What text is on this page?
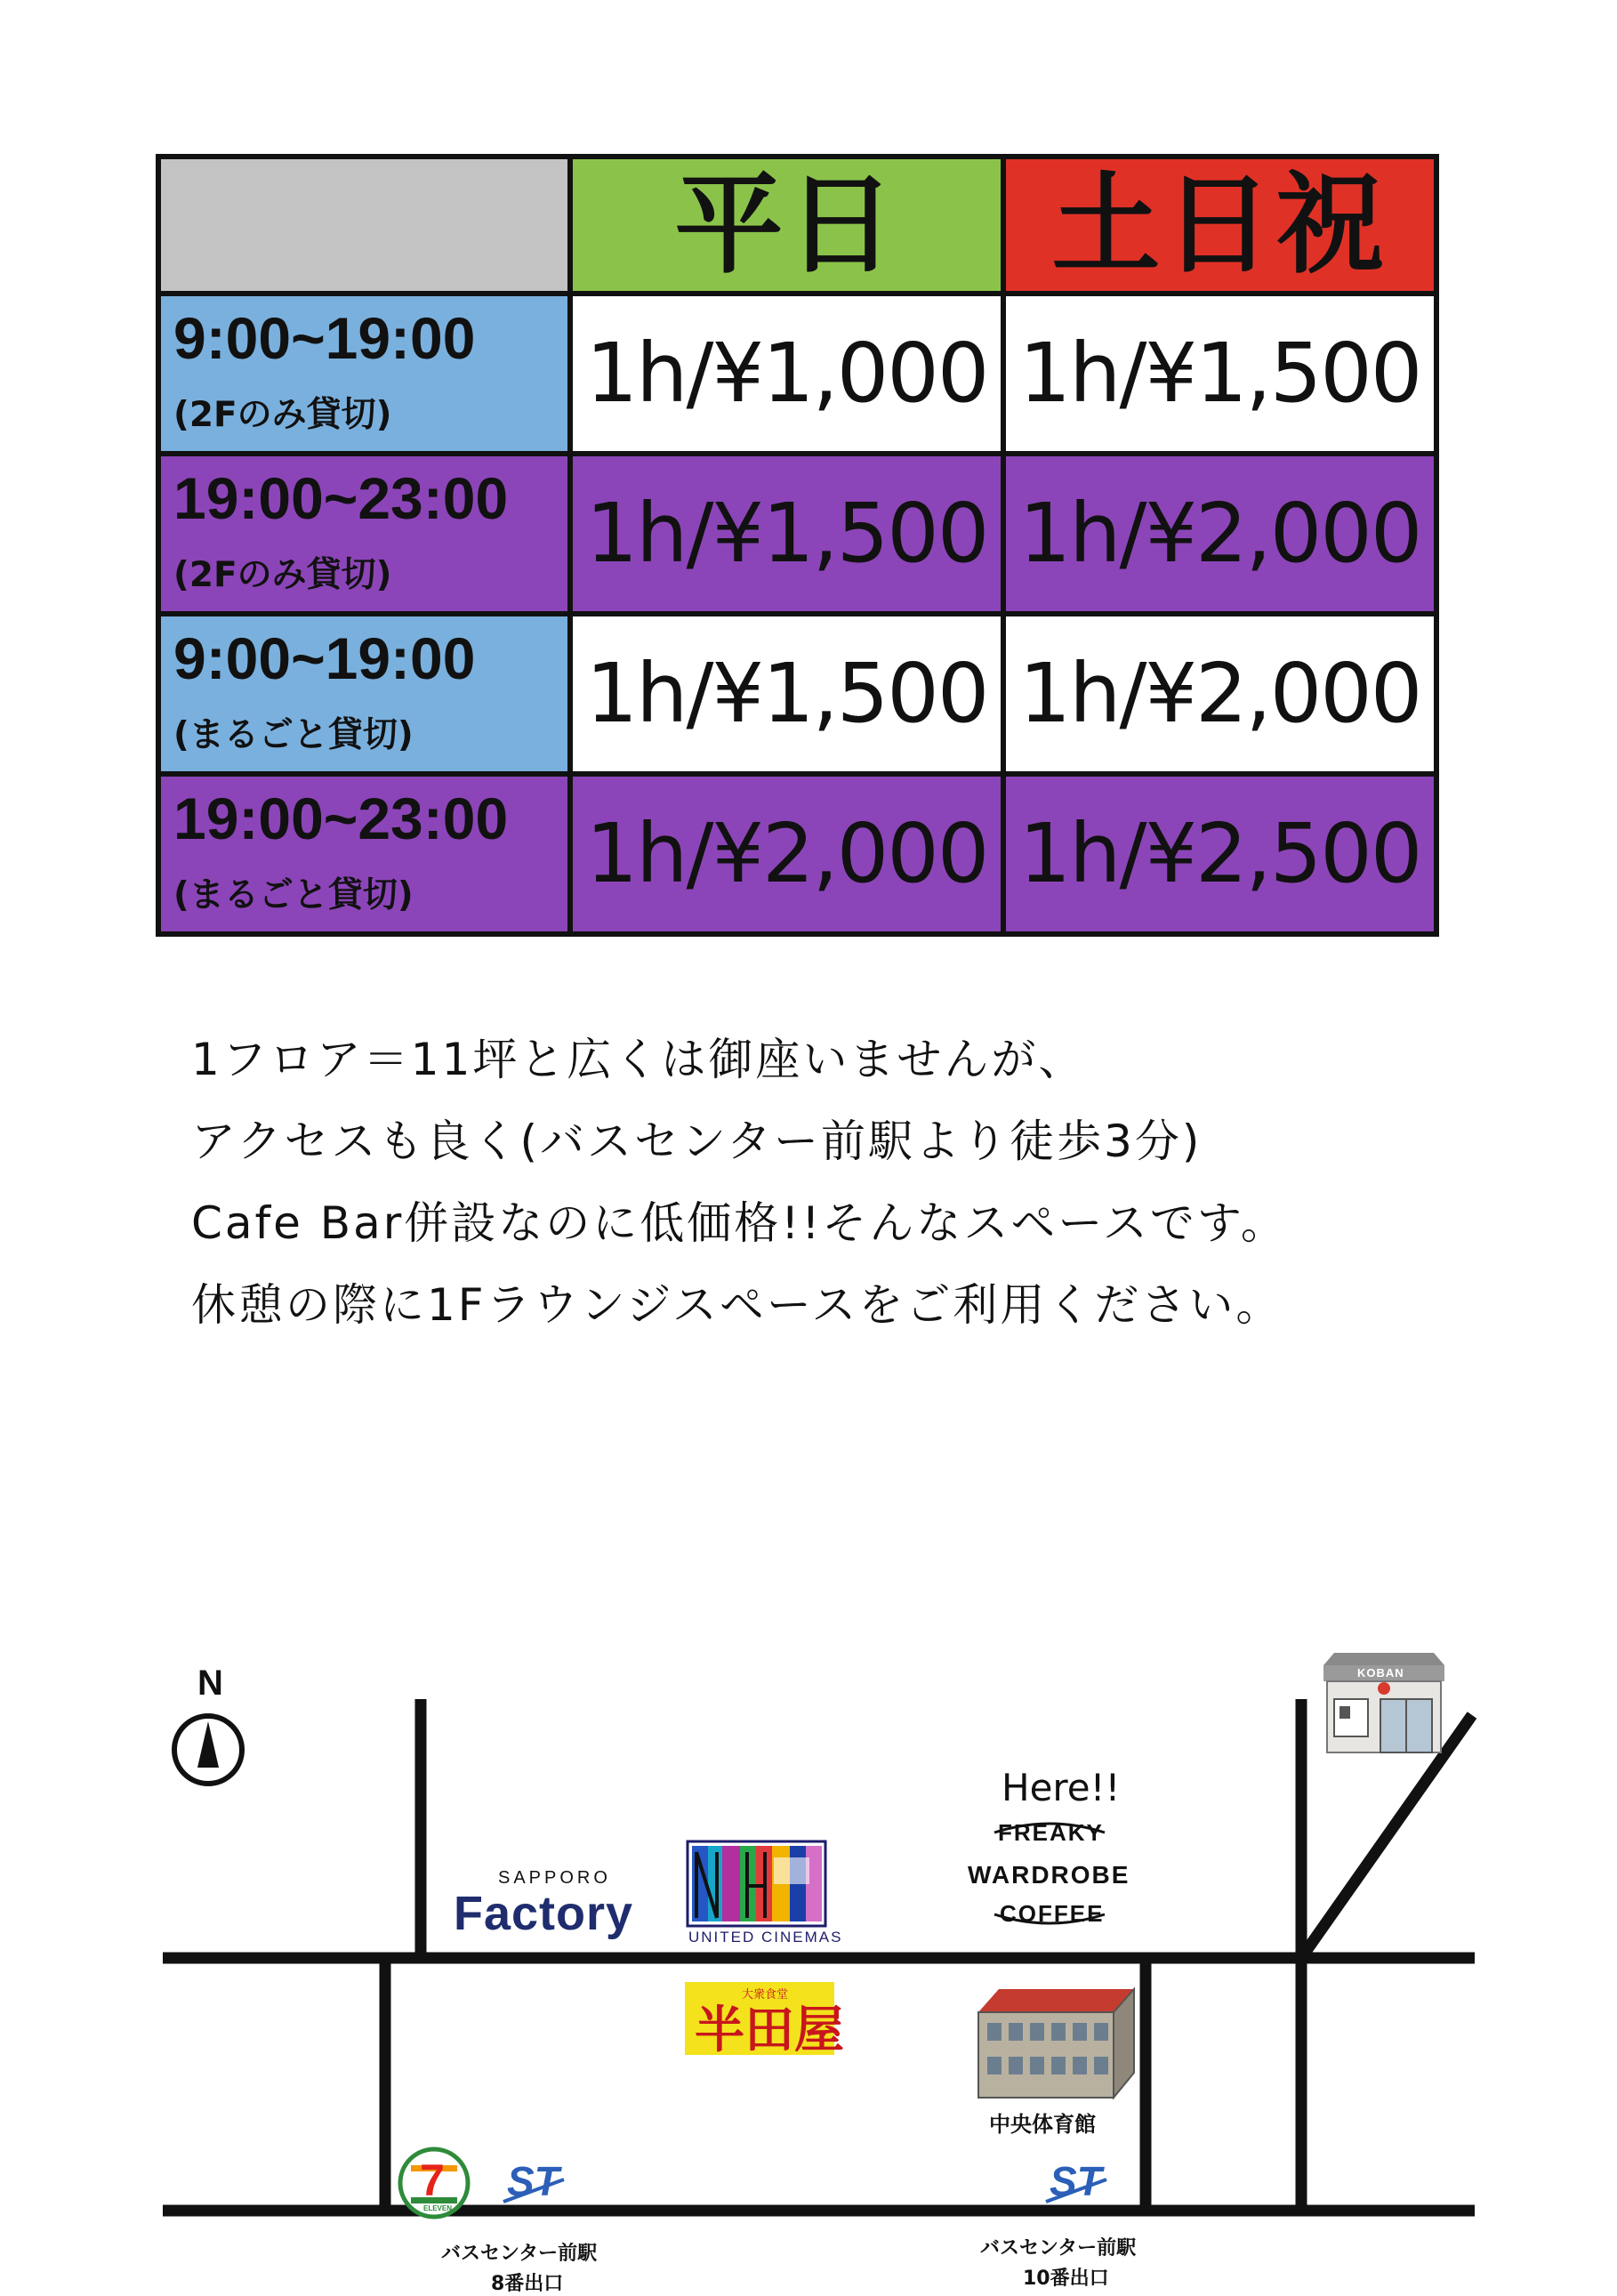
	平日	土日祝

9:00~19:00
(2Fのみ貸切)	1h/¥1,000	1h/¥1,500

19:00~23:00
(2Fのみ貸切)	1h/¥1,500	1h/¥2,000

9:00~19:00
(まるごと貸切)	1h/¥1,500	1h/¥2,000

19:00~23:00
(まるごと貸切)	1h/¥2,000	1h/¥2,500
1フロア＝11坪と広くは御座いませんが、
アクセスも良く(バスセンター前駅より徒歩3分)
Cafe Bar併設なのに低価格!!そんなスペースです。
休憩の際に1Fラウンジスペースをご利用ください。
N
SAPPORO
Factory	UNITED CINEMAS
Here!!
FREAKY
WARDROBE
COFFEE
KOBAN
大衆食堂
半田屋
中央体育館
7
ELEVEN
ST	ST
バスセンター前駅
8番出口
バスセンター前駅
10番出口
